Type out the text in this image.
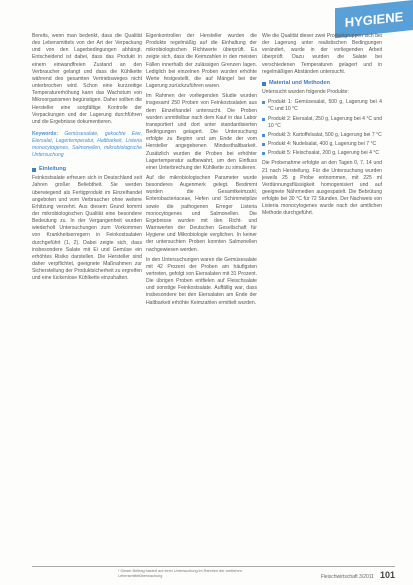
HYGIENE

Bereits, wenn man bedenkt, dass die Qualität des Lebensmittels von der Art der Verpackung und von den Lagerbedingungen abhängt. Entscheidend ist dabei, dass das Produkt in einem einwandfreien Zustand an den Verbraucher gelangt und dass die Kühlkette während des gesamten Vertriebsweges nicht unterbrochen wird. Schon eine kurzzeitige Temperaturerhöhung kann das Wachstum von Mikroorganismen begünstigen. Daher sollten die Hersteller eine sorgfältige Kontrolle der Verpackungen und der Lagerung durchführen und die Ergebnisse dokumentieren.

Keywords: Gemüsesalate, gekochte Eier, Eiersalat, Lagertemperatur, Haltbarkeit, Listeria monocytogenes, Salmonellen, mikrobiologische Untersuchung
Einleitung

Feinkostsalate erfreuen sich in Deutschland seit Jahren großer Beliebtheit. Sie werden überwiegend als Fertigprodukt im Einzelhandel angeboten und vom Verbraucher ohne weitere Erhitzung verzehrt. Aus diesem Grund kommt der mikrobiologischen Qualität eine besondere Bedeutung zu. In der Vergangenheit wurden wiederholt Untersuchungen zum Vorkommen von Krankheitserregern in Feinkostsalaten durchgeführt (1, 2). Dabei zeigte sich, dass insbesondere Salate mit Ei und Gemüse ein erhöhtes Risiko darstellen. Die Hersteller sind daher verpflichtet, geeignete Maßnahmen zur Sicherstellung der Produktsicherheit zu ergreifen und eine lückenlose Kühlkette einzuhalten.

Eigenkontrollen der Hersteller wurden die Produkte regelmäßig auf die Einhaltung der mikrobiologischen Richtwerte überprüft. Es zeigte sich, dass die Keimzahlen in den meisten Fällen innerhalb der zulässigen Grenzen lagen. Lediglich bei einzelnen Proben wurden erhöhte Werte festgestellt, die auf Mängel bei der Lagerung zurückzuführen waren.

Im Rahmen der vorliegenden Studie wurden insgesamt 250 Proben von Feinkostsalaten aus dem Einzelhandel untersucht. Die Proben wurden unmittelbar nach dem Kauf in das Labor transportiert und dort unter standardisierten Bedingungen gelagert. Die Untersuchung erfolgte zu Beginn und am Ende der vom Hersteller angegebenen Mindesthaltbarkeit. Zusätzlich wurden die Proben bei erhöhter Lagertemperatur aufbewahrt, um den Einfluss einer Unterbrechung der Kühlkette zu simulieren.

Auf die mikrobiologischen Parameter wurde besonderes Augenmerk gelegt. Bestimmt wurden die Gesamtkeimzahl, Enterobacteriaceae, Hefen und Schimmelpilze sowie die pathogenen Erreger Listeria monocytogenes und Salmonellen. Die Ergebnisse wurden mit den Richt- und Warnwerten der Deutschen Gesellschaft für Hygiene und Mikrobiologie verglichen. In keiner der untersuchten Proben konnten Salmonellen nachgewiesen werden.

In den Untersuchungen waren die Gemüsesalate mit 42 Prozent der Proben am häufigsten vertreten, gefolgt von Eiersalaten mit 31 Prozent. Die übrigen Proben entfielen auf Fleischsalate und sonstige Feinkostsalate. Auffällig war, dass insbesondere bei den Eiersalaten am Ende der Haltbarkeit erhöhte Keimzahlen ermittelt wurden.

Wie die Qualität dieser zwei Produktgruppen sich bei der Lagerung unter realistischen Bedingungen verändert, wurde in der vorliegenden Arbeit überprüft. Dazu wurden die Salate bei verschiedenen Temperaturen gelagert und in regelmäßigen Abständen untersucht.

Material und Methoden

Untersucht wurden folgende Produkte:

Produkt 1: Gemüsesalat, 500 g, Lagerung bei 4 °C und 10 °C
Produkt 2: Eiersalat, 250 g, Lagerung bei 4 °C und 10 °C
Produkt 3: Kartoffelsalat, 500 g, Lagerung bei 7 °C
Produkt 4: Nudelsalat, 400 g, Lagerung bei 7 °C
Produkt 5: Fleischsalat, 200 g, Lagerung bei 4 °C

Die Probenahme erfolgte an den Tagen 0, 7, 14 und 21 nach Herstellung. Für die Untersuchung wurden jeweils 25 g Probe entnommen, mit 225 ml Verdünnungsflüssigkeit homogenisiert und auf geeignete Nährmedien ausgespatelt. Die Bebrütung erfolgte bei 30 °C für 72 Stunden. Der Nachweis von Listeria monocytogenes wurde nach der amtlichen Methode durchgeführt.

* Dieser Beitrag basiert auf einer Untersuchung im Rahmen der amtlichen Lebensmittelüberwachung	Fleischwirtschaft 3/2011 101
